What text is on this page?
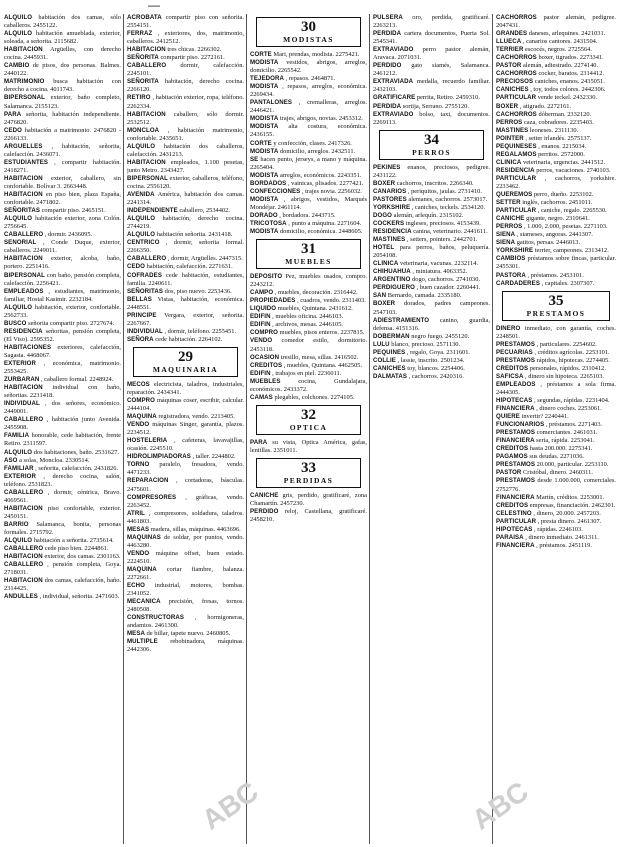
—

ALQUILO habitación dos camas, sólo caballeros. 2455122.

ALQUILO habitación amueblada, exterior, soleada, a señorita. 2115682.

HABITACION Argüelles, con derecho cocina. 2445931.

CAMBIO de pisos, dos personas. Balmes. 2440122.

MATRIMONIO busca habitación con derecho a cocina. 4011743.

BIPERSONAL exterior, baño completo, Salamanca. 2155123.

PARA señorita, habitación independiente. 2476820.

CEDO habitación a matrimonio. 2476820 - 2266133.

ARGUELLES , habitación, señorita, calefacción. 2436071.

ESTUDIANTES , compartir habitación. 2418271.

HABITACION exterior, caballero, sin confortable. Bolívar 3. 2663448.

HABITACION en piso bien, plaza España, confortable. 2471802.

SEÑORITAS compartir piso. 2465151.

ALQUILO habitación exterior, zona Colón. 2756645.

CABALLERO , dormir. 2436095.

SENORIAL , Conde Duque, exterior, caballeros. 2249011.

HABITACION exterior, alcoba, baño, portero. 2251416.

BIPERSONAL con baño, pensión completa, calefacción. 2256421.

EMPLEADOS , estudiantes, matrimonio, familiar, Hostal Kasimir. 2232184.

ALQUILO habitación, exterior, confortable. 2562733.

BUSCO señorita compartir piso. 2727674.

RESIDENCIA señoritas, pensión completa, (El Viso). 2595352.

HABITACIONES exteriores, calefacción, Sagasta. 4468067.

EXTERIOR , económica, matrimonio. 2553425.

ZURBARAN , caballero formal. 2248924.

HABITACION individual con baño, señoritas. 2231418.

INDIVIDUAL , dos señores, económico. 2449001.

CABALLERO , habitación junto Avenida. 2455908.

FAMILIA honorable, cede habitación, frente Retiro. 2311597.

ALQUILO dos habitaciones, baño. 2531627.

ASO a solas, Moncloa. 2330514.

FAMILIAR , señorita, calefacción. 2431826.

EXTERIOR , derecho cocina, salón, teléfono. 2531823.

CABALLERO , dormir, céntrica, Bravo. 4069561.

HABITACION piso confortable, exterior. 2450151.

BARRIO Salamanca, bonita, personas formales. 2715792.

ALQUILO habitación a señorita. 2735614.

CABALLERO cede piso bien. 2244861.

HABITACION exterior, dos camas. 2301163.

CABALLERO , pensión completa, Goya. 2718031.

HABITACION dos camas, calefacción, baño. 2314425.

ANDULLES , individual, señorita. 2471603.

ACROBATA compartir piso con señorita. 2554151.

FERRAZ , exteriores, dos, matrimonio, caballeros. 2412512.

HABITACION tres chicas. 2266302.

SEÑORITA compartir piso. 2272161.

CABALLERO dormir, calefacción. 2245101.

SEÑORITA habitación, derecho cocina. 2266120.

RETIRO , habitación exterior, ropa, teléfono. 2262334.

HABITACION caballero, sólo dormir. 2532512.

MONCLOA , habitación matrimonio, confortable. 2435651.

ALQUILO habitación dos caballeros, calefacción. 2431213.

HABITACION empleados, 1.100 pesetas, junto Metro. 2343427.

BIPERSONAL exterior, caballeros, teléfono, cocina. 2556120.

AVENIDA América, habitación dos camas. 2241314.

INDEPENDIENTE caballero, 2534402.

ALQUILO habitación, derecho cocina. 2744219.

ALQUILO habitación señorita. 2431418.

CENTRICO , dormir, señorita formal. 2266350.

CABALLERO , dormir, Argüelles. 2447315.

CEDO habitación, calefacción. 2271631.

COFRADES cede habitación, estudiantes, familia. 2240611.

SEÑORITAS dos, piso nuevo. 2253436.

BELLAS Vistas, habitación, económica. 2448551.

PRINCIPE Vergara, exterior, señorita. 2267667.

INDIVIDUAL , dormir, teléfono. 2255451.

SEÑORA cede habitación. 2264102.

29
MAQUINARIA

MECOS electricista, taladros, industriales, reparación. 2434341.

COMPRO máquinas coser, escribir, calcular. 2444104.

MAQUINA registradora, vendo. 2213405.

VENDO máquinas Singer, garantía, plazos. 2234512.

HOSTELERIA , cafeteras, lavavajillas, ocasión. 2245510.

HIDROLIMPIADORAS , taller. 2244802.

TORNO paralelo, fresadora, vendo. 4471233.

REPARACION , cortadoras, básculas. 2475601.

COMPRESORES , gráficas, vendo. 2263452.

ATRIL , compresores, soldadura, taladros. 4461803.

MESAS madera, sillas, máquinas. 4463696.

MAQUINAS de soldar, por puntos, vendo. 4463280.

VENDO máquina offset, buen estado. 2224510.

MAQUINA cortar fiambre, balanza. 2272661.

ECHO industrial, motores, bombas. 2341052.

MECANICA precisión, fresas, tornos. 2480508.

CONSTRUCTORAS , hormigoneras, andamios. 2461300.

MESA de billar, tapete nuevo. 2460805.

MULTIPLE rebobinadora, máquinas. 2442306.

30
MODISTAS

CORTE Mari, prendas, modista. 2275421.

MODISTA vestidos, abrigos, arreglos, domicilio. 2265542.

TEJEDORA , repasos. 2464871.

MODISTA , repasos, arreglos, económica. 2269434.

PANTALONES , cremalleras, arreglos. 2446421.

MODISTA trajes, abrigos, novias. 2453312.

MODISTA alta costura, económica. 2436155.

CORTE y confección, clases. 2417326.

MODISTA domicilio, arreglos. 2432511.

SE hacen punto, jerseys, a mano y máquina. 2265404.

MODISTA arreglos, económicos. 2243351.

BORDADOS , vainicas, plisados. 2277421.

CONFECCIONES , trajes novia. 2256032.

MODISTA , abrigos, vestidos, Marqués Mondéjar. 2461114.

DORADO , bordadora. 2443715.

TRICOTOSA , punto a máquina. 2271604.

MODISTA domicilio, económica. 2448605.

31
MUEBLES

DEPOSITO Pez, muebles usados, compro. 2243212.

CAMPO , muebles, decoración. 2316442.

PROPIEDADES , cuadros, vendo. 2311403.

LIQUIDO muebles, Quintana. 2431612.

EDIFIN , muebles oficina. 2446103.

EDIFIN , archivos, mesas. 2446105.

COMPRO muebles, pisos enteros. 2237815.

VENDO comedor estilo, dormitorio. 2453118.

OCASION tresillo, mesa, sillas. 2416502.

CREDITOS , muebles, Quintana. 4462505.

EDIFIN , trabajos en piel. 2236011.

MUEBLES cocina, Gundalajara, económicos. 2433372.

CAMAS plegables, colchones. 2274105.

32
OPTICA

PARA su vista, Optica América, gafas, lentillas. 2351011.

33
PERDIDAS

CANICHE gris, perdido, gratificaré, zona Chamartín. 2457230.

PERDIDO reloj, Castellana, gratificaré. 2458210.

PULSERA oro, perdida, gratificaré. 2263213.

PERDIDA cartera documentos, Puerta Sol. 2545341.

EXTRAVIADO perro pastor alemán, Aravaca. 2071031.

PERDIDO gato siamés, Salamanca. 2461212.

EXTRAVIADA medalla, recuerdo familiar. 2432103.

GRATIFICARE perrita, Retiro. 2459310.

PERDIDA sortija, Serrano. 2755120.

EXTRAVIADO bolso, taxi, documentos. 2269113.

34
PERROS

PEKINES enanos, preciosos, pedigree. 2431122.

BOXER cachorros, inscritos. 2266340.

CANARIOS , periquitos, jaulas. 2731410.

PASTORES alemanes, cachorros. 2573017.

YORKSHIRE , caniches, teckels. 2534120.

DOGO alemán, arlequín. 2315102.

COCKERS ingleses, preciosos. 4153439.

RESIDENCIA canina, veterinario. 2441611.

MASTINES , setters, pointers. 2442701.

HOTEL para perros, baños, peluquería. 2054108.

CLINICA veterinaria, vacunas. 2232114.

CHIHUAHUA , miniatura. 4063352.

ARGENTINO dogo, cachorros. 2741030.

PERDIGUERO , buen cazador. 2260441.

SAN Bernardo, camada. 2335180.

BOXER dorados, padres campeones. 2547103.

ADIESTRAMIENTO canino, guardia, defensa. 4151316.

DOBERMAN negro fuego. 2455120.

LULU blanco, precioso. 2571130.

PEQUINES , regalo, Goya. 2311601.

COLLIE , lassie, inscrito. 2501234.

CANICHES toy, blancos. 2254406.

DALMATAS , cachorros. 2420316.

CACHORROS pastor alemán, pedigree. 2047431.

GRANDES daneses, arlequines. 2421031.

LLUECA , canarios cantores. 2431504.

TERRIER escocés, negros. 2725564.

CACHORROS boxer, tigrados. 2273341.

PASTOR alemán, adiestrado. 2274140.

CACHORROS cocker, baratos. 2314412.

PRECIOSOS caniches, enanos. 2435051.

CANICHES , toy, todos colores. 2442306.

PARTICULAR vende teckel. 2432330.

BOXER , atigrado. 2272161.

CACHORROS dóberman. 2332120.

PERROS caza, cobradores. 2235403.

MASTINES leoneses. 2311130.

POINTER , setter irlandés. 2575137.

PEQUINESES , enanos. 2215034.

REGALAMOS perritos. 2572000.

CLINICA veterinaria, urgencias. 2441512.

RESIDENCIA perros, vacaciones. 2740103.

PARTICULAR , cachorros, yorkshire. 2233462.

QUEREMOS perro, dueño. 2253102.

SETTER inglés, cachorros. 2451011.

PARTICULAR , caniche, regalo. 2265530.

CANICHE gigante, negro. 2310641.

PERROS , 1.000, 2.000, pesetas. 2271103.

SIENA , siameses, angoras. 2441307.

SIENA gatitos, persas. 2446013.

YORKSHIRE terrier, campeones. 2313412.

CAMBIOS préstamos sobre fincas, particular. 2455301.

PASTORA , préstamos. 2453101.

CARDADERES , capitales. 2307307.

35
PRESTAMOS

DINERO inmediato, con garantía, coches. 2248501.

PRESTAMOS , particulares. 2254602.

PECUARIAS , créditos agrícolas. 2253101.

PRESTAMOS rápidos, hipotecas. 2274405.

CREDITOS personales, rápidos. 2310412.

SAFICSA , dinero sin hipoteca. 2265103.

EMPLEADOS , préstamos a sola firma. 2444305.

HIPOTECAS , segundas, rápidas. 2231404.

FINANCIERA , dinero coches. 2253061.

QUIERE invertir? 2240441.

FUNCIONARIOS , préstamos. 2271403.

PRESTAMOS comerciantes. 2461031.

FINANCIERA seria, rápida. 2253041.

CREDITOS hasta 200.000. 2275341.

PAGAMOS sus deudas. 2271036.

PRESTAMOS 20.000, particular. 2253110.

PASTOR Cristóbal, dinero. 2460311.

PRESTAMOS desde 1.000.000, comerciales. 2752776.

FINANCIERA Martín, créditos. 2253001.

CREDITOS empresas, financiación. 2462301.

CELESTINO , dinero, 20.000. 2457203.

PARTICULAR , presta dinero. 2461307.

HIPOTECAS , rápidas. 2246103.

PARAISA , dinero inmediato. 2461311.

FINANCIERA , préstamos. 2451119.

ABC	ABC
